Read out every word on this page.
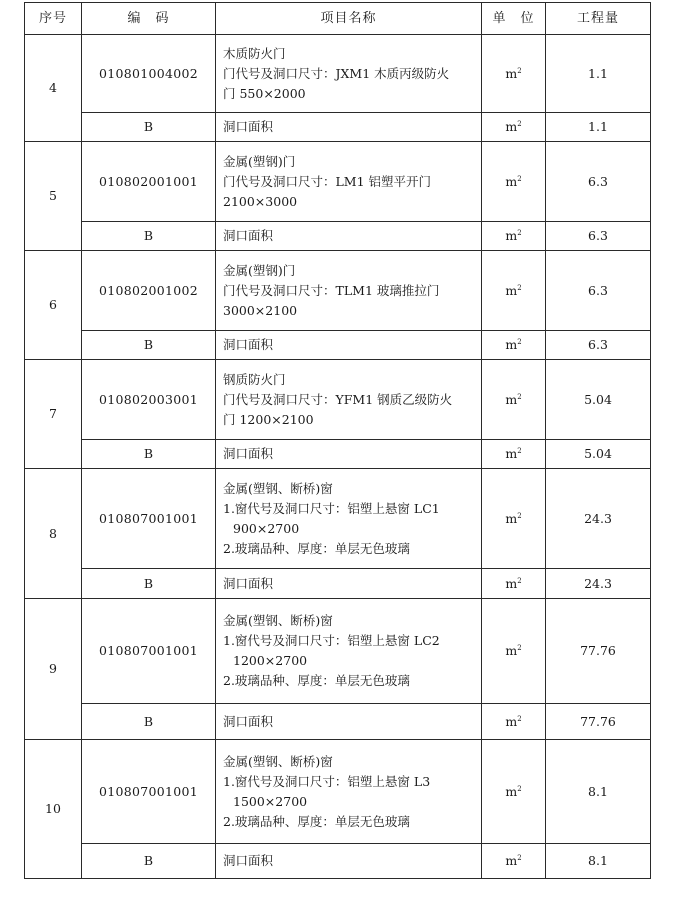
序号	编　码	项目名称	单　位	工程量
4	010801004002	木质防火门
门代号及洞口尺寸：JXM1 木质丙级防火
门 550×2000	$m^2$	1.1
	B	洞口面积	$m^2$	1.1
5	010802001001	金属(塑钢)门
门代号及洞口尺寸：LM1 铝塑平开门
2100×3000	$m^2$	6.3
	B	洞口面积	$m^2$	6.3
6	010802001002	金属(塑钢)门
门代号及洞口尺寸：TLM1 玻璃推拉门
3000×2100	$m^2$	6.3
	B	洞口面积	$m^2$	6.3
7	010802003001	钢质防火门
门代号及洞口尺寸：YFM1 钢质乙级防火
门 1200×2100	$m^2$	5.04
	B	洞口面积	$m^2$	5.04
8	010807001001	金属(塑钢、断桥)窗
1.窗代号及洞口尺寸：铝塑上悬窗 LC1
900×2700
2.玻璃品种、厚度：单层无色玻璃	$m^2$	24.3
	B	洞口面积	$m^2$	24.3
9	010807001001	金属(塑钢、断桥)窗
1.窗代号及洞口尺寸：铝塑上悬窗 LC2
1200×2700
2.玻璃品种、厚度：单层无色玻璃	$m^2$	77.76
	B	洞口面积	$m^2$	77.76
10	010807001001	金属(塑钢、断桥)窗
1.窗代号及洞口尺寸：铝塑上悬窗 L3
1500×2700
2.玻璃品种、厚度：单层无色玻璃	$m^2$	8.1
	B	洞口面积	$m^2$	8.1
